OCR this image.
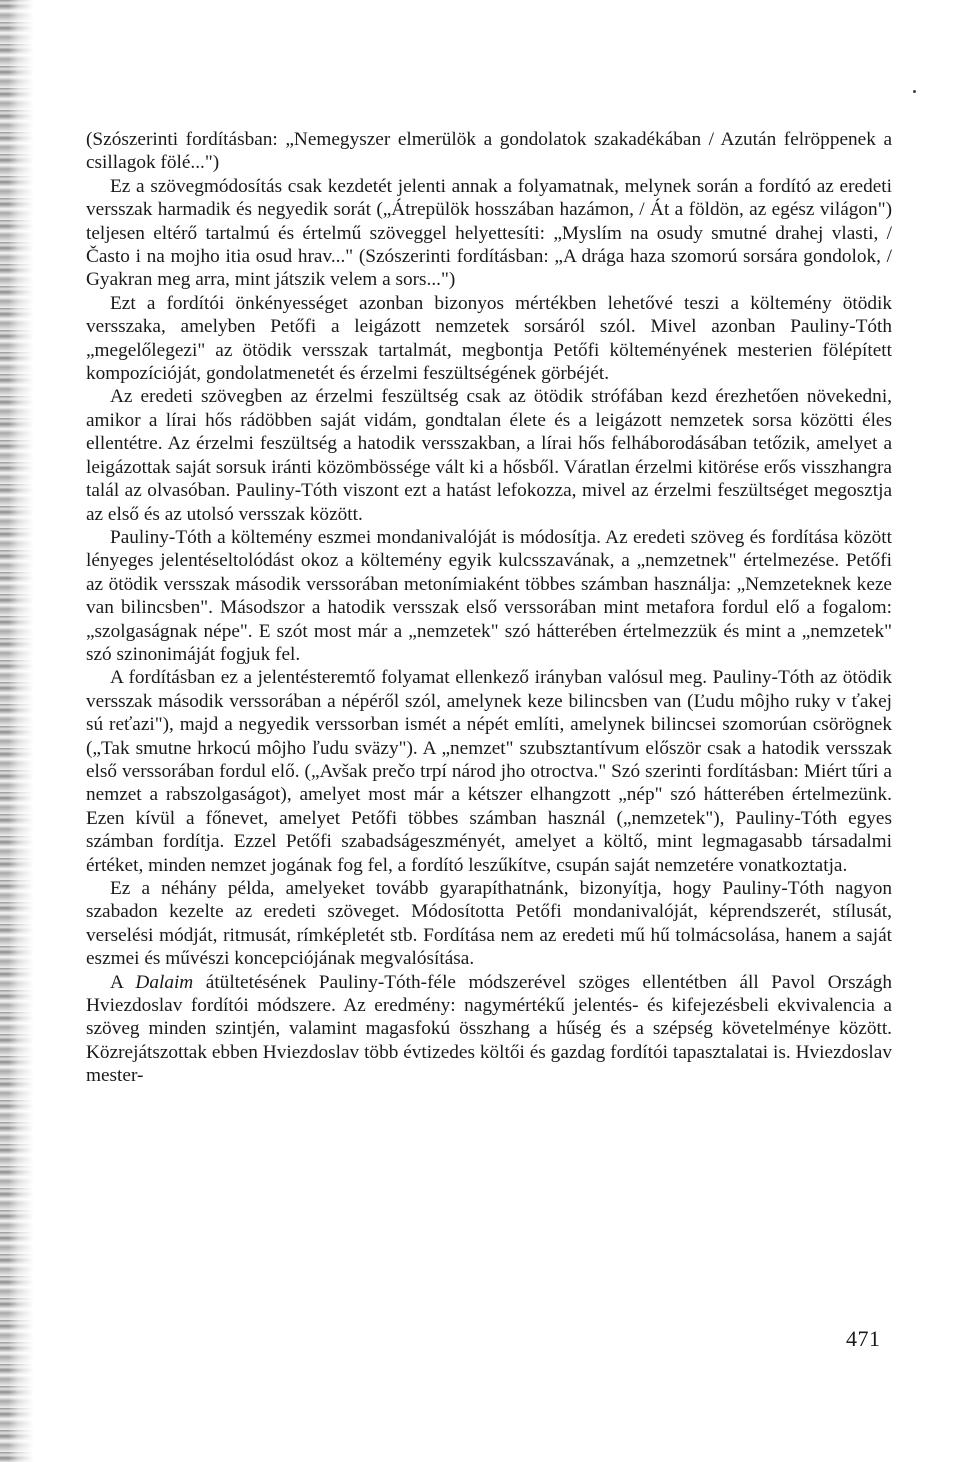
(Szószerinti fordításban: „Nemegyszer elmerülök a gondolatok szakadékában / Azután felröppenek a csillagok fölé...")

Ez a szövegmódosítás csak kezdetét jelenti annak a folyamatnak, melynek során a fordító az eredeti versszak harmadik és negyedik sorát („Átrepülök hosszában hazámon, / Át a földön, az egész világon") teljesen eltérő tartalmú és értelmű szöveggel helyettesíti: „Myslím na osudy smutné drahej vlasti, / Často i na mojho itia osud hrav..." (Szószerinti fordításban: „A drága haza szomorú sorsára gondolok, / Gyakran meg arra, mint játszik velem a sors...")

Ezt a fordítói önkényességet azonban bizonyos mértékben lehetővé teszi a költemény ötödik versszaka, amelyben Petőfi a leigázott nemzetek sorsáról szól. Mivel azonban Pauliny-Tóth „megelőlegezi" az ötödik versszak tartalmát, megbontja Petőfi költeményének mesterien fölépített kompozícióját, gondolatmenetét és érzelmi feszültségének görbéjét.

Az eredeti szövegben az érzelmi feszültség csak az ötödik strófában kezd érezhetően növekedni, amikor a lírai hős rádöbben saját vidám, gondtalan élete és a leigázott nemzetek sorsa közötti éles ellentétre. Az érzelmi feszültség a hatodik versszakban, a lírai hős felháborodásában tetőzik, amelyet a leigázottak saját sorsuk iránti közömbössége vált ki a hősből. Váratlan érzelmi kitörése erős visszhangra talál az olvasóban. Pauliny-Tóth viszont ezt a hatást lefokozza, mivel az érzelmi feszültséget megosztja az első és az utolsó versszak között.

Pauliny-Tóth a költemény eszmei mondanivalóját is módosítja. Az eredeti szöveg és fordítása között lényeges jelentéseltolódást okoz a költemény egyik kulcsszavának, a „nemzetnek" értelmezése. Petőfi az ötödik versszak második verssorában metonímiaként többes számban használja: „Nemzeteknek keze van bilincsben". Másodszor a hatodik versszak első verssorában mint metafora fordul elő a fogalom: „szolgaságnak népe". E szót most már a „nemzetek" szó hátterében értelmezzük és mint a „nemzetek" szó szinonimáját fogjuk fel.

A fordításban ez a jelentésteremtő folyamat ellenkező irányban valósul meg. Pauliny-Tóth az ötödik versszak második verssorában a népéről szól, amelynek keze bilincsben van (Ľudu môjho ruky v ťakej sú reťazi"), majd a negyedik verssorban ismét a népét említi, amelynek bilincsei szomorúan csörögnek („Tak smutne hrkocú môjho ľudu sväzy"). A „nemzet" szubsztantívum először csak a hatodik versszak első verssorában fordul elő. („Avšak prečo trpí národ jho otroctva." Szó szerinti fordításban: Miért tűri a nemzet a rabszolgaságot), amelyet most már a kétszer elhangzott „nép" szó hátterében értelmezünk. Ezen kívül a főnevet, amelyet Petőfi többes számban használ („nemzetek"), Pauliny-Tóth egyes számban fordítja. Ezzel Petőfi szabadságeszményét, amelyet a költő, mint legmagasabb társadalmi értéket, minden nemzet jogának fog fel, a fordító leszűkítve, csupán saját nemzetére vonatkoztatja.

Ez a néhány példa, amelyeket tovább gyarapíthatnánk, bizonyítja, hogy Pauliny-Tóth nagyon szabadon kezelte az eredeti szöveget. Módosította Petőfi mondanivalóját, képrendszerét, stílusát, verselési módját, ritmusát, rímképletét stb. Fordítása nem az eredeti mű hű tolmácsolása, hanem a saját eszmei és művészi koncepciójának megvalósítása.

A Dalaim átültetésének Pauliny-Tóth-féle módszerével szöges ellentétben áll Pavol Országh Hviezdoslav fordítói módszere. Az eredmény: nagymértékű jelentés- és kifejezésbeli ekvivalencia a szöveg minden szintjén, valamint magasfokú összhang a hűség és a szépség követelménye között. Közrejátszottak ebben Hviezdoslav több évtizedes költői és gazdag fordítói tapasztalatai is. Hviezdoslav mester-

471
